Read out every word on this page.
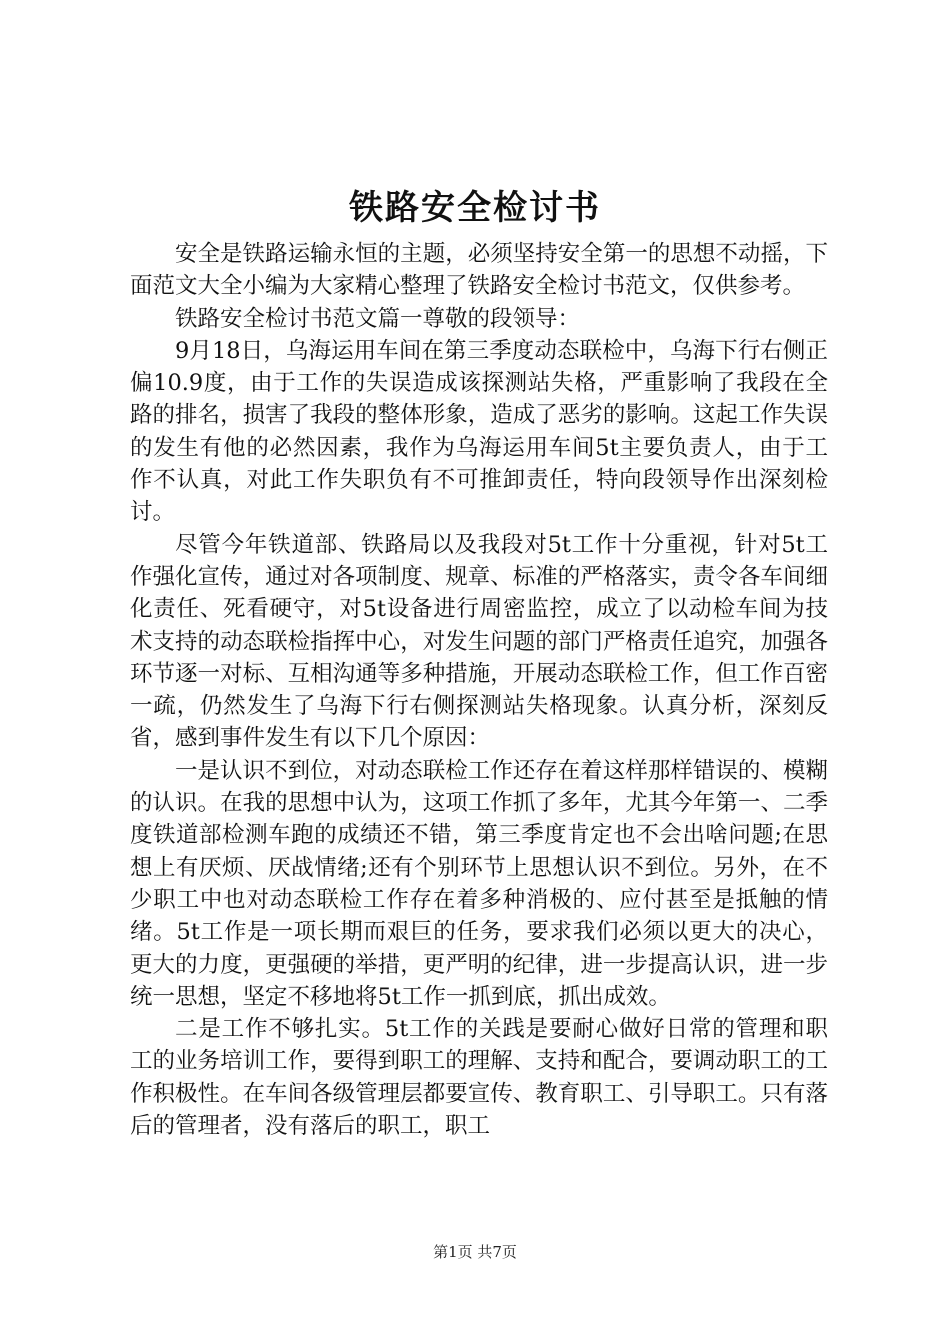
铁路安全检讨书

安全是铁路运输永恒的主题，必须坚持安全第一的思想不动摇，下面范文大全小编为大家精心整理了铁路安全检讨书范文，仅供参考。

铁路安全检讨书范文篇一尊敬的段领导：

9月18日，乌海运用车间在第三季度动态联检中，乌海下行右侧正偏10.9度，由于工作的失误造成该探测站失格，严重影响了我段在全路的排名，损害了我段的整体形象，造成了恶劣的影响。这起工作失误的发生有他的必然因素，我作为乌海运用车间5t主要负责人，由于工作不认真，对此工作失职负有不可推卸责任，特向段领导作出深刻检讨。

尽管今年铁道部、铁路局以及我段对5t工作十分重视，针对5t工作强化宣传，通过对各项制度、规章、标准的严格落实，责令各车间细化责任、死看硬守，对5t设备进行周密监控，成立了以动检车间为技术支持的动态联检指挥中心，对发生问题的部门严格责任追究，加强各环节逐一对标、互相沟通等多种措施，开展动态联检工作，但工作百密一疏，仍然发生了乌海下行右侧探测站失格现象。认真分析，深刻反省，感到事件发生有以下几个原因：

一是认识不到位，对动态联检工作还存在着这样那样错误的、模糊的认识。在我的思想中认为，这项工作抓了多年，尤其今年第一、二季度铁道部检测车跑的成绩还不错，第三季度肯定也不会出啥问题;在思想上有厌烦、厌战情绪;还有个别环节上思想认识不到位。另外，在不少职工中也对动态联检工作存在着多种消极的、应付甚至是抵触的情绪。5t工作是一项长期而艰巨的任务，要求我们必须以更大的决心，更大的力度，更强硬的举措，更严明的纪律，进一步提高认识，进一步统一思想，坚定不移地将5t工作一抓到底，抓出成效。

二是工作不够扎实。5t工作的关践是要耐心做好日常的管理和职工的业务培训工作，要得到职工的理解、支持和配合，要调动职工的工作积极性。在车间各级管理层都要宣传、教育职工、引导职工。只有落后的管理者，没有落后的职工，职工

第1页 共7页
